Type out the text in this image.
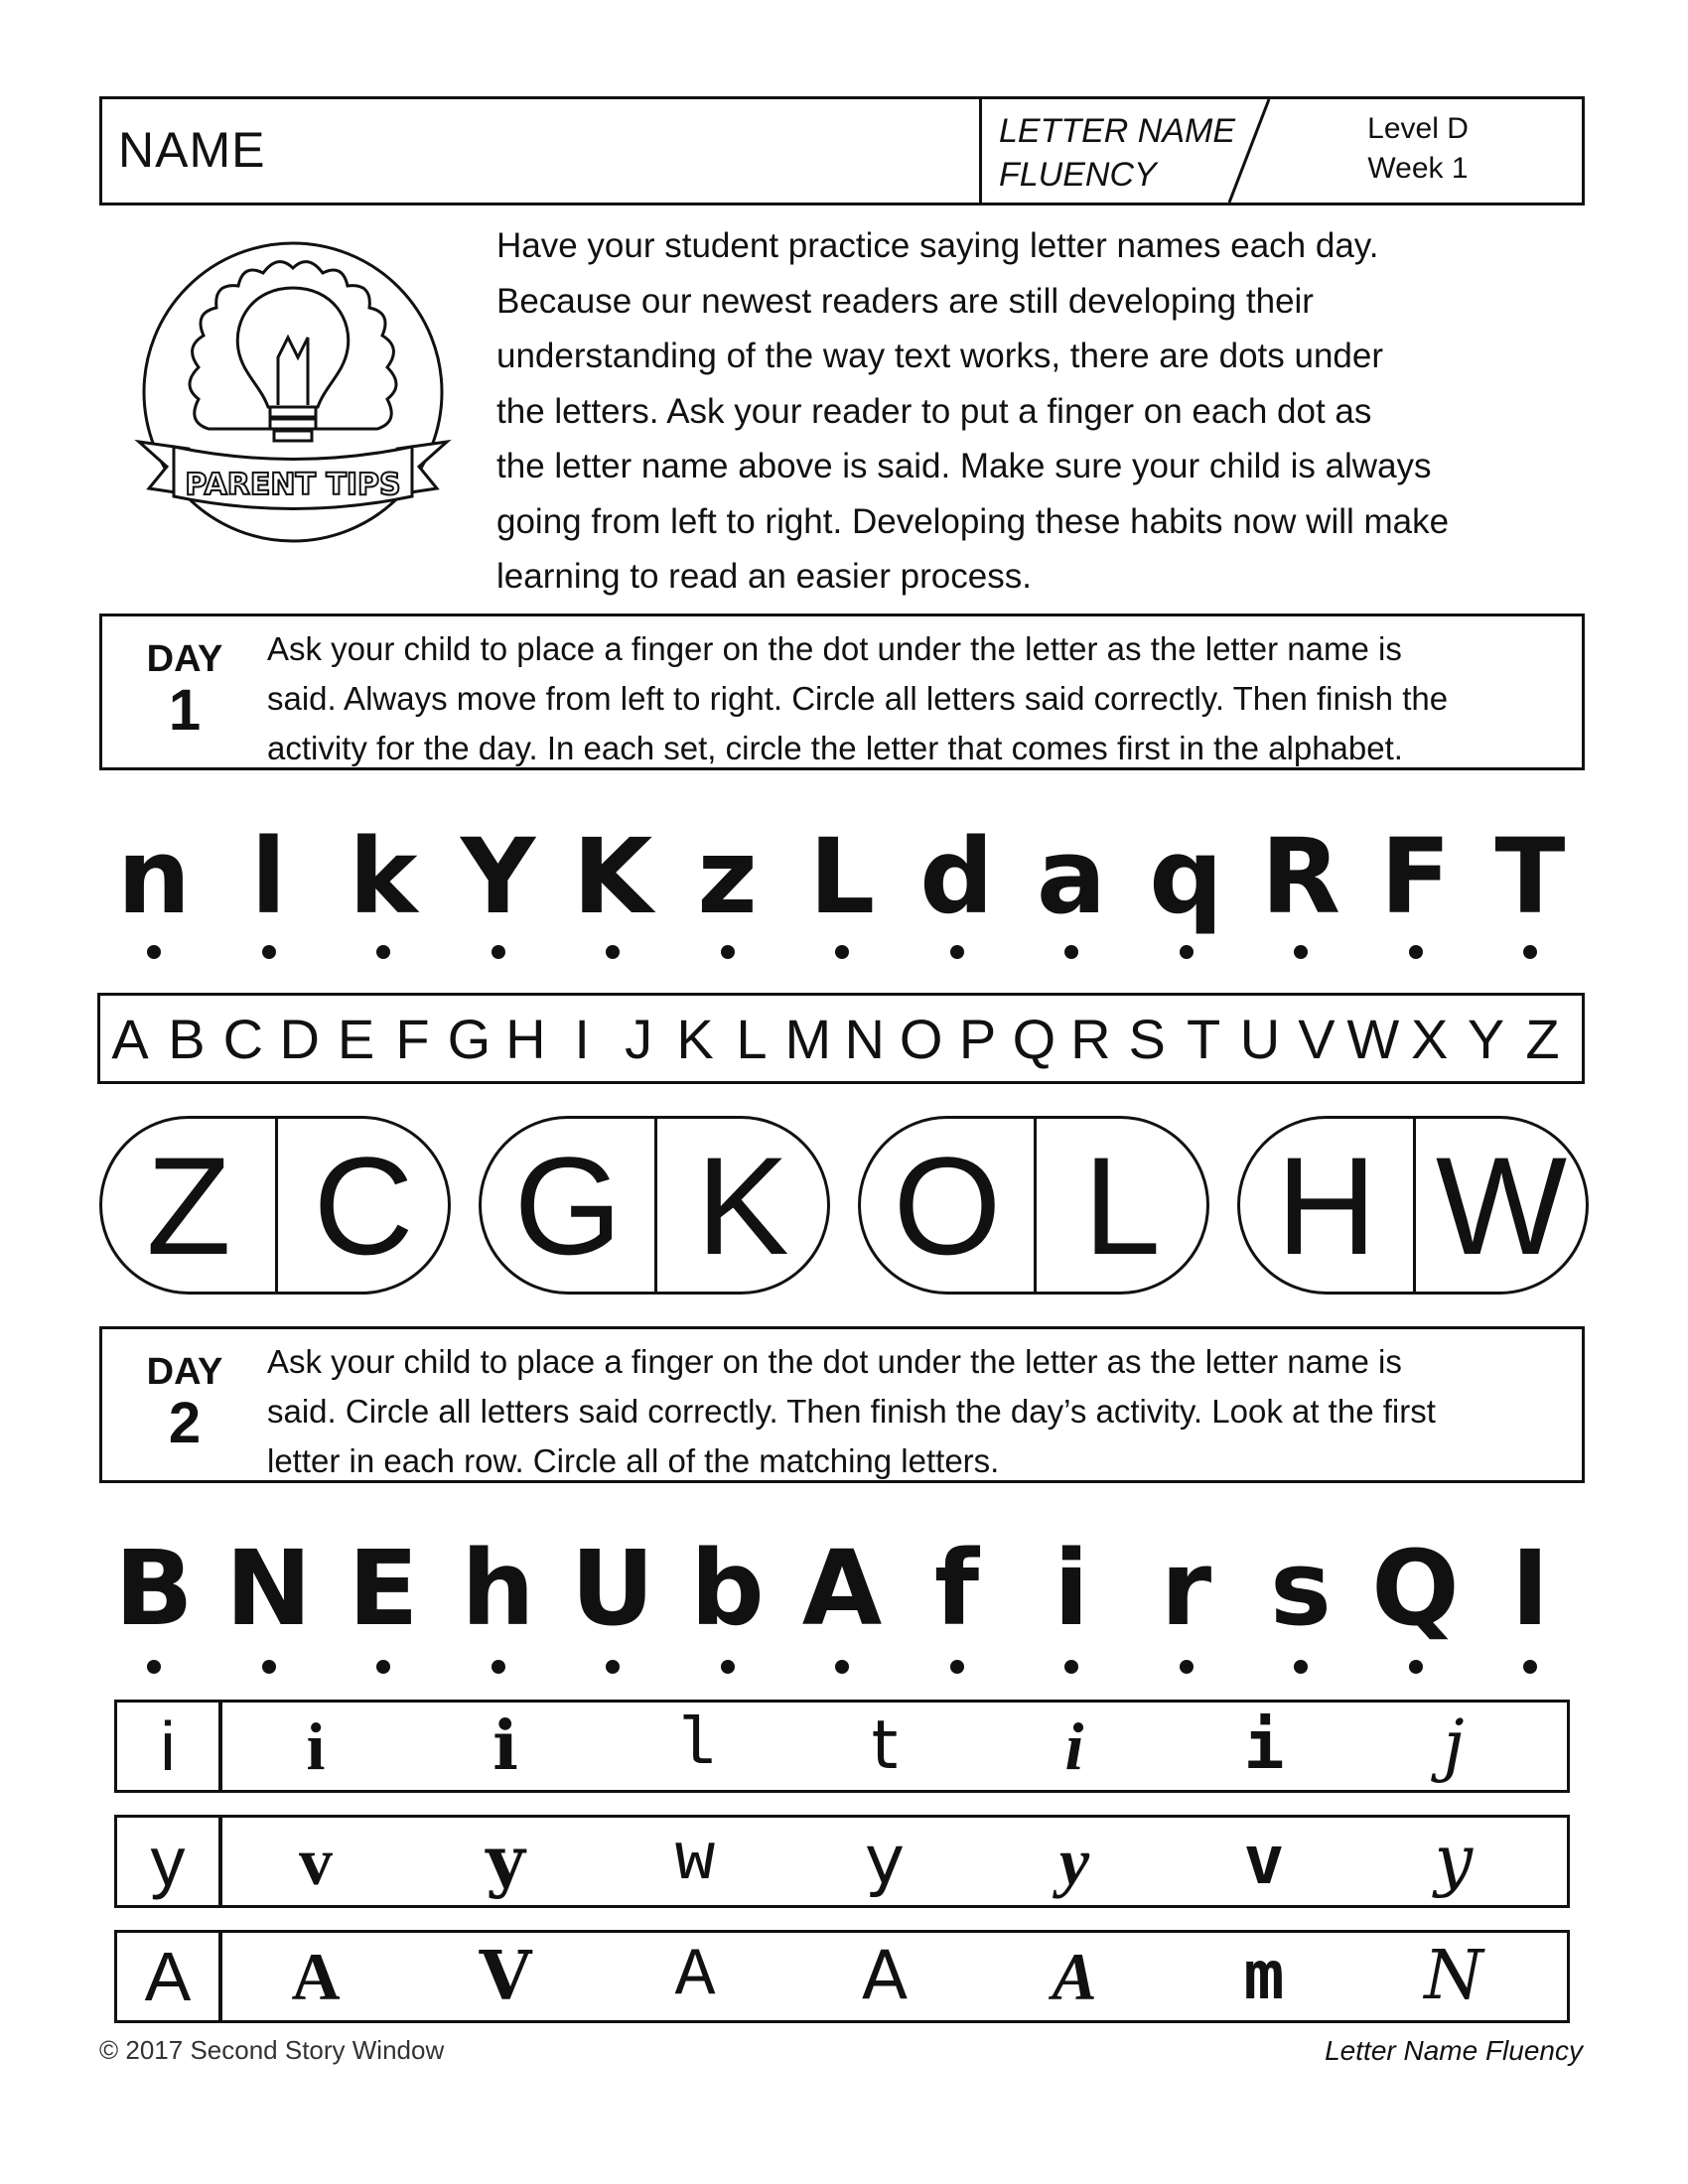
NAME	LETTER NAME
FLUENCY
Level D
Week 1
PARENT TIPS
Have your student practice saying letter names each day.
Because our newest readers are still developing their
understanding of the way text works, there are dots under
the letters. Ask your reader to put a finger on each dot as
the letter name above is said. Make sure your child is always
going from left to right. Developing these habits now will make
learning to read an easier process.
DAY
1
Ask your child to place a finger on the dot under the letter as the letter name is
said. Always move from left to right. Circle all letters said correctly. Then finish the
activity for the day. In each set, circle the letter that comes first in the alphabet.
n l k Y K z L d a q R F T
A B C D E F G H I J K L M N O P Q R S T U V W X Y Z
Z C G K O L H W
DAY
2
Ask your child to place a finger on the dot under the letter as the letter name is
said. Circle all letters said correctly. Then finish the day’s activity. Look at the first
letter in each row. Circle all of the matching letters.
B N E h U b A f i r s Q I
i	i	i	l	t	i	i	j
y	v	y	w	y	y	v	y
A	A	V	A	A	A	m	N
© 2017 Second Story Window	Letter Name Fluency
